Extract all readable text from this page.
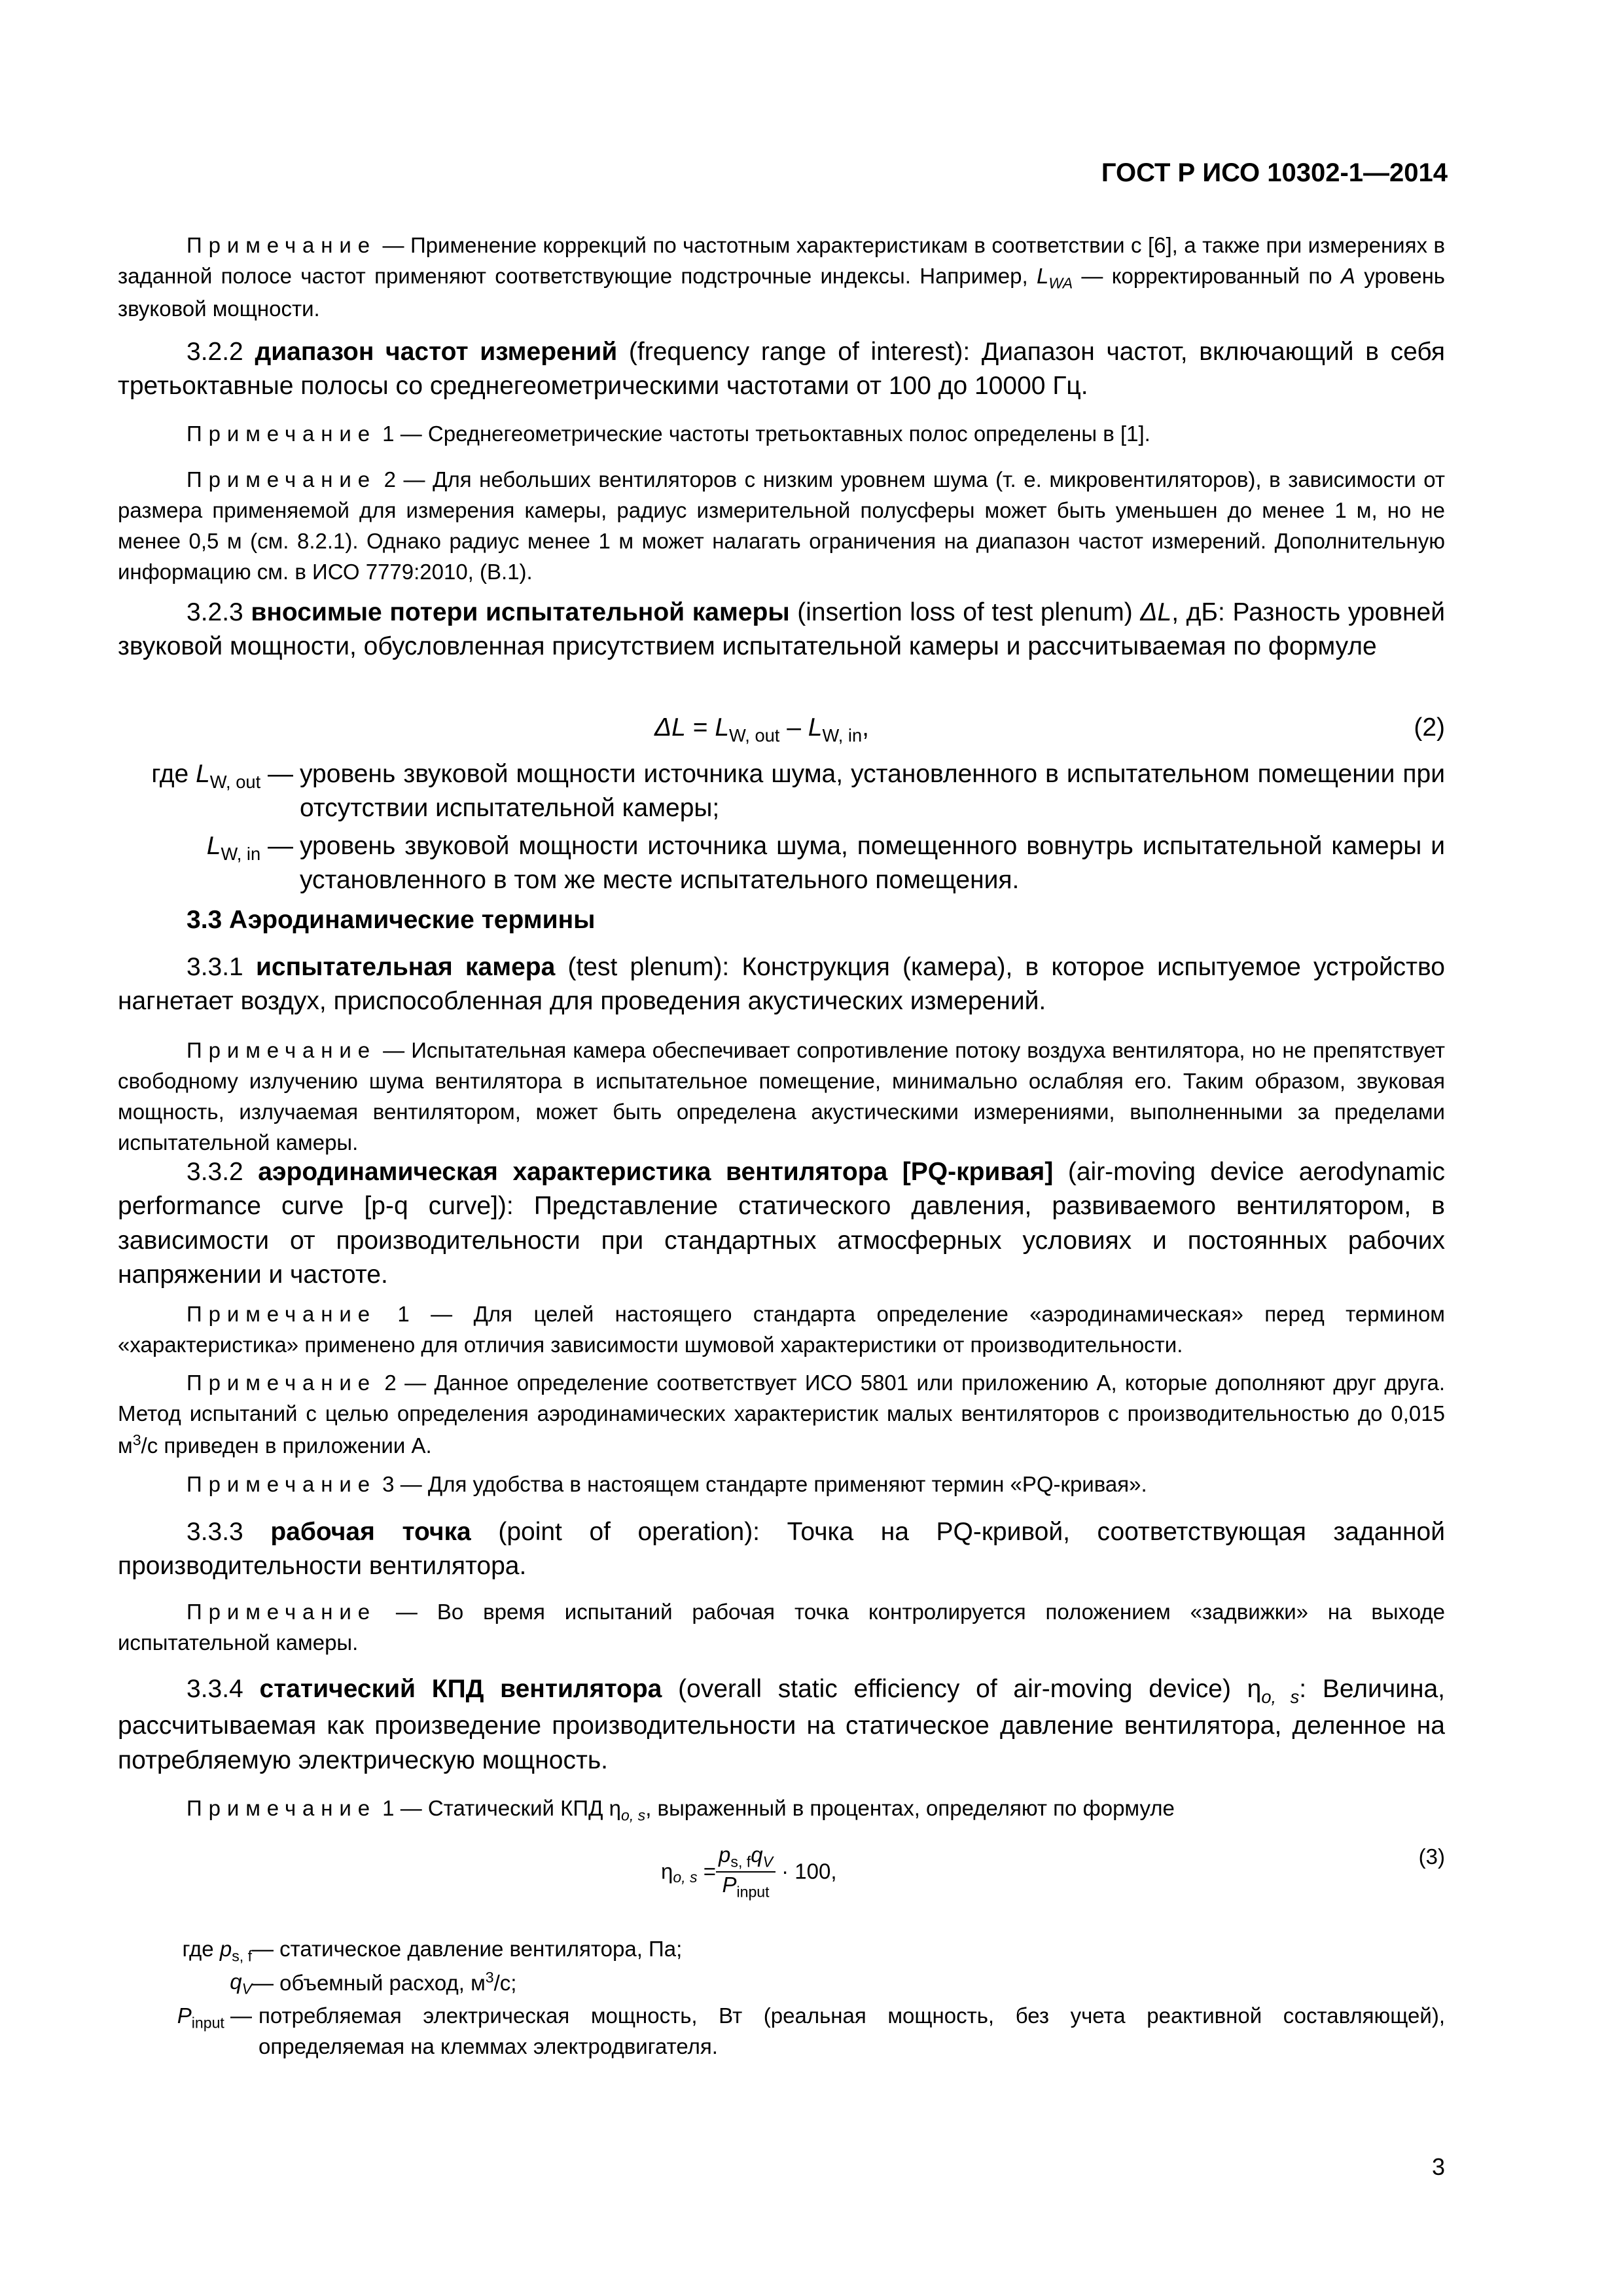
ГОСТ Р ИСО 10302-1—2014
Примечание — Применение коррекций по частотным характеристикам в соответствии с [6], а также при измерениях в заданной полосе частот применяют соответствующие подстрочные индексы. Например, $L_{WA}$ — корректированный по A уровень звуковой мощности.
3.2.2 диапазон частот измерений (frequency range of interest): Диапазон частот, включающий в себя третьоктавные полосы со среднегеометрическими частотами от 100 до 10000 Гц.
Примечание 1 — Среднегеометрические частоты третьоктавных полос определены в [1].
Примечание 2 — Для небольших вентиляторов с низким уровнем шума (т. е. микровентиляторов), в зависимости от размера применяемой для измерения камеры, радиус измерительной полусферы может быть уменьшен до менее 1 м, но не менее 0,5 м (см. 8.2.1). Однако радиус менее 1 м может налагать ограничения на диапазон частот измерений. Дополнительную информацию см. в ИСО 7779:2010, (В.1).
3.2.3 вносимые потери испытательной камеры (insertion loss of test plenum) ΔL, дБ: Разность уровней звуковой мощности, обусловленная присутствием испытательной камеры и рассчитываемая по формуле
$\Delta L = L_{W, out} - L_{W, in}$,	(2)
где $L_{W, out}$ — уровень звуковой мощности источника шума, установленного в испытательном помещении при отсутствии испытательной камеры;
$L_{W, in}$ — уровень звуковой мощности источника шума, помещенного вовнутрь испытательной камеры и установленного в том же месте испытательного помещения.
3.3 Аэродинамические термины
3.3.1 испытательная камера (test plenum): Конструкция (камера), в которое испытуемое устройство нагнетает воздух, приспособленная для проведения акустических измерений.
Примечание — Испытательная камера обеспечивает сопротивление потоку воздуха вентилятора, но не препятствует свободному излучению шума вентилятора в испытательное помещение, минимально ослабляя его. Таким образом, звуковая мощность, излучаемая вентилятором, может быть определена акустическими измерениями, выполненными за пределами испытательной камеры.
3.3.2 аэродинамическая характеристика вентилятора [PQ-кривая] (air-moving device aerodynamic performance curve [p-q curve]): Представление статического давления, развиваемого вентилятором, в зависимости от производительности при стандартных атмосферных условиях и постоянных рабочих напряжении и частоте.
Примечание 1 — Для целей настоящего стандарта определение «аэродинамическая» перед термином «характеристика» применено для отличия зависимости шумовой характеристики от производительности.
Примечание 2 — Данное определение соответствует ИСО 5801 или приложению А, которые дополняют друг друга. Метод испытаний с целью определения аэродинамических характеристик малых вентиляторов с производительностью до 0,015 $м^3/с$ приведен в приложении А.
Примечание 3 — Для удобства в настоящем стандарте применяют термин «PQ-кривая».
3.3.3 рабочая точка (point of operation): Точка на PQ-кривой, соответствующая заданной производительности вентилятора.
Примечание — Во время испытаний рабочая точка контролируется положением «задвижки» на выходе испытательной камеры.
3.3.4 статический КПД вентилятора (overall static efficiency of air-moving device) $\eta_{o, s}$: Величина, рассчитываемая как произведение производительности на статическое давление вентилятора, деленное на потребляемую электрическую мощность.
Примечание 1 — Статический КПД $\eta_{o, s}$, выраженный в процентах, определяют по формуле
$\eta_{o, s} = \frac{p_{s, f}q_V}{P_{input}} \cdot 100$,
(3)
где $p_{s, f}$ — статическое давление вентилятора, Па;
$q_V$ — объемный расход, $м^3/с$;
$P_{input}$ — потребляемая электрическая мощность, Вт (реальная мощность, без учета реактивной составляющей), определяемая на клеммах электродвигателя.
3
